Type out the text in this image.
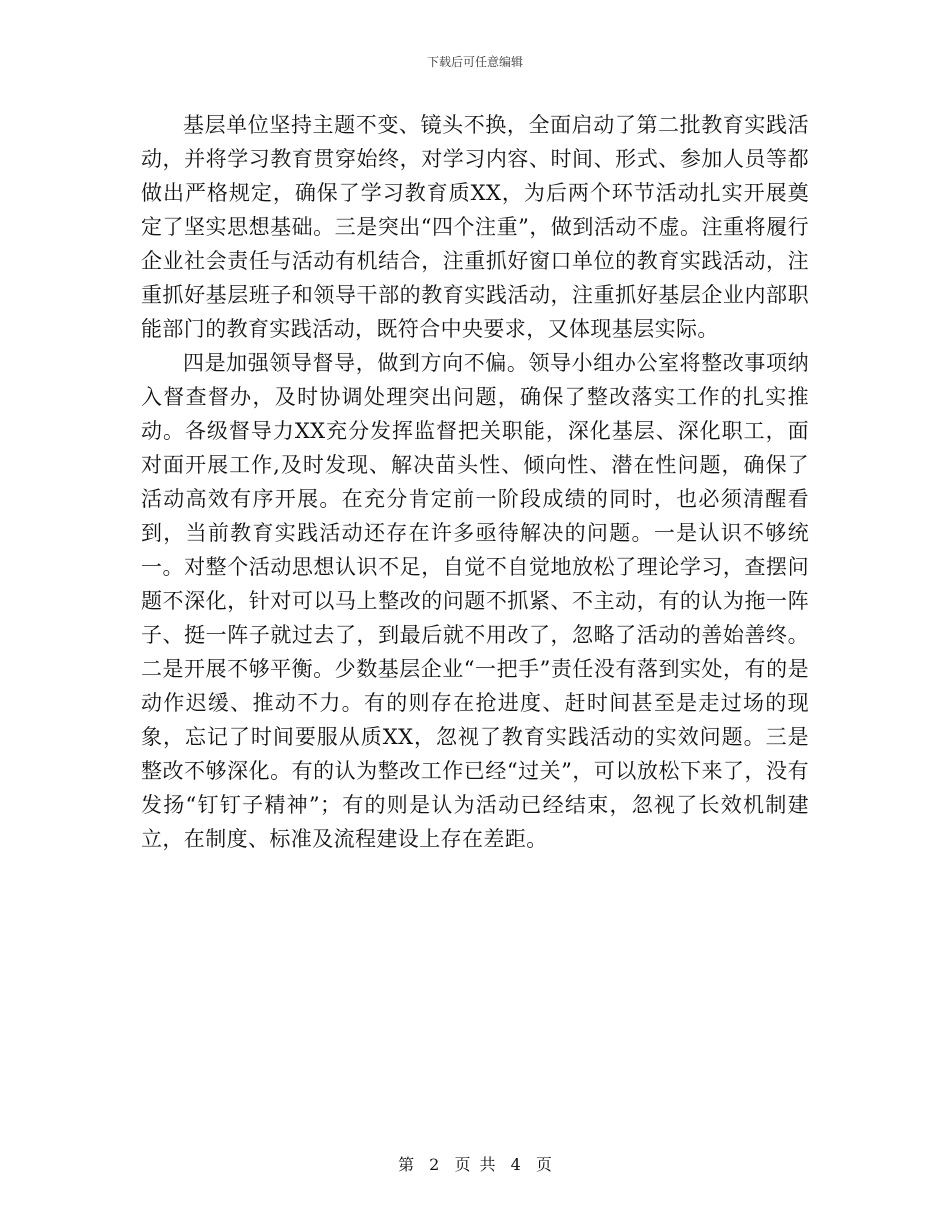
下载后可任意编辑

基层单位坚持主题不变、镜头不换，全面启动了第二批教育实践活动，并将学习教育贯穿始终，对学习内容、时间、形式、参加人员等都做出严格规定，确保了学习教育质XX，为后两个环节活动扎实开展奠定了坚实思想基础。三是突出“四个注重”，做到活动不虚。注重将履行企业社会责任与活动有机结合，注重抓好窗口单位的教育实践活动，注重抓好基层班子和领导干部的教育实践活动，注重抓好基层企业内部职能部门的教育实践活动，既符合中央要求，又体现基层实际。

四是加强领导督导，做到方向不偏。领导小组办公室将整改事项纳入督查督办，及时协调处理突出问题，确保了整改落实工作的扎实推动。各级督导力XX充分发挥监督把关职能，深化基层、深化职工，面对面开展工作,及时发现、解决苗头性、倾向性、潜在性问题，确保了活动高效有序开展。在充分肯定前一阶段成绩的同时，也必须清醒看到，当前教育实践活动还存在许多亟待解决的问题。一是认识不够统一。对整个活动思想认识不足，自觉不自觉地放松了理论学习，查摆问题不深化，针对可以马上整改的问题不抓紧、不主动，有的认为拖一阵子、挺一阵子就过去了，到最后就不用改了，忽略了活动的善始善终。二是开展不够平衡。少数基层企业“一把手”责任没有落到实处，有的是动作迟缓、推动不力。有的则存在抢进度、赶时间甚至是走过场的现象，忘记了时间要服从质XX，忽视了教育实践活动的实效问题。三是整改不够深化。有的认为整改工作已经“过关”，可以放松下来了，没有发扬“钉钉子精神”；有的则是认为活动已经结束，忽视了长效机制建立，在制度、标准及流程建设上存在差距。

第 2 页 共 4 页
